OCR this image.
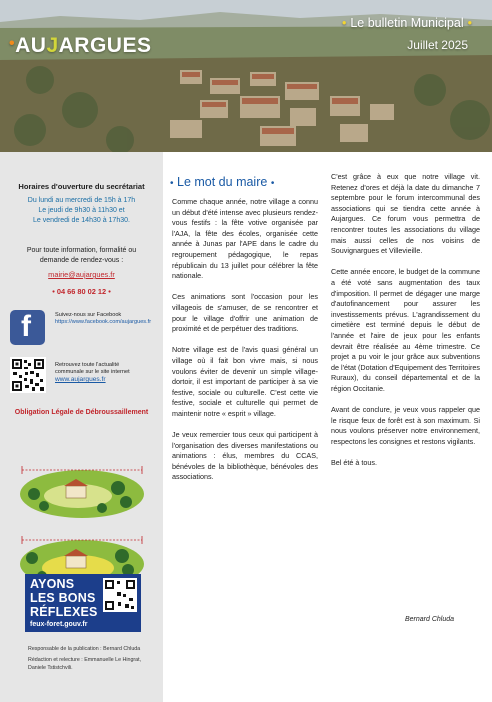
•AUJARGUES
• Le bulletin Municipal •
Juillet 2025
Horaires d'ouverture du secrétariat
Du lundi au mercredi de 15h à 17h
Le jeudi de 9h30 à 11h30 et
Le vendredi de 14h30 à 17h30.
Pour toute information, formalité ou
demande de rendez-vous :
mairie@aujargues.fr
• 04 66 80 02 12 •
f	Suivez-nous sur Facebook
https://www.facebook.com/aujargues.fr
Retrouvez toute l'actualité
communale sur le site internet
www.aujargues.fr
Obligation Légale de Débroussaillement
AYONS
LES BONS
RÉFLEXES
feux-foret.gouv.fr
Responsable de la publication : Bernard Chluda
Rédaction et relecture : Emmanuelle Le Hingrat,
Daniele Tstistchvili.
• Le mot du maire •

Comme chaque année, notre village a connu un début d'été intense avec plusieurs rendez-vous festifs : la fête votive organisée par l'AJA, la fête des écoles, organisée cette année à Junas par l'APE dans le cadre du regroupement pédagogique, le repas républicain du 13 juillet pour célébrer la fête nationale.

Ces animations sont l'occasion pour les villageois de s'amuser, de se rencontrer et pour le village d'offrir une animation de proximité et de perpétuer des traditions.

Notre village est de l'avis quasi général un village où il fait bon vivre mais, si nous voulons éviter de devenir un simple village-dortoir, il est important de participer à sa vie festive, sociale ou culturelle. C'est cette vie festive, sociale et culturelle qui permet de maintenir notre « esprit » village.

Je veux remercier tous ceux qui participent à l'organisation des diverses manifestations ou animations : élus, membres du CCAS, bénévoles de la bibliothèque, bénévoles des associations.

C'est grâce à eux que notre village vit. Retenez d'ores et déjà la date du dimanche 7 septembre pour le forum intercommunal des associations qui se tiendra cette année à Aujargues. Ce forum vous permettra de rencontrer toutes les associations du village mais aussi celles de nos voisins de Souvignargues et Villevieille.

Cette année encore, le budget de la commune a été voté sans augmentation des taux d'imposition. Il permet de dégager une marge d'autofinancement pour assurer les investissements prévus. L'agrandissement du cimetière est terminé depuis le début de l'année et l'aire de jeux pour les enfants devrait être réalisée au 4ème trimestre. Ce projet a pu voir le jour grâce aux subventions de l'état (Dotation d'Equipement des Territoires Ruraux), du conseil départemental et de la région Occitanie.

Avant de conclure, je veux vous rappeler que le risque feux de forêt est à son maximum. Si nous voulons préserver notre environnement, respectons les consignes et restons vigilants.

Bel été à tous.

Bernard Chluda
